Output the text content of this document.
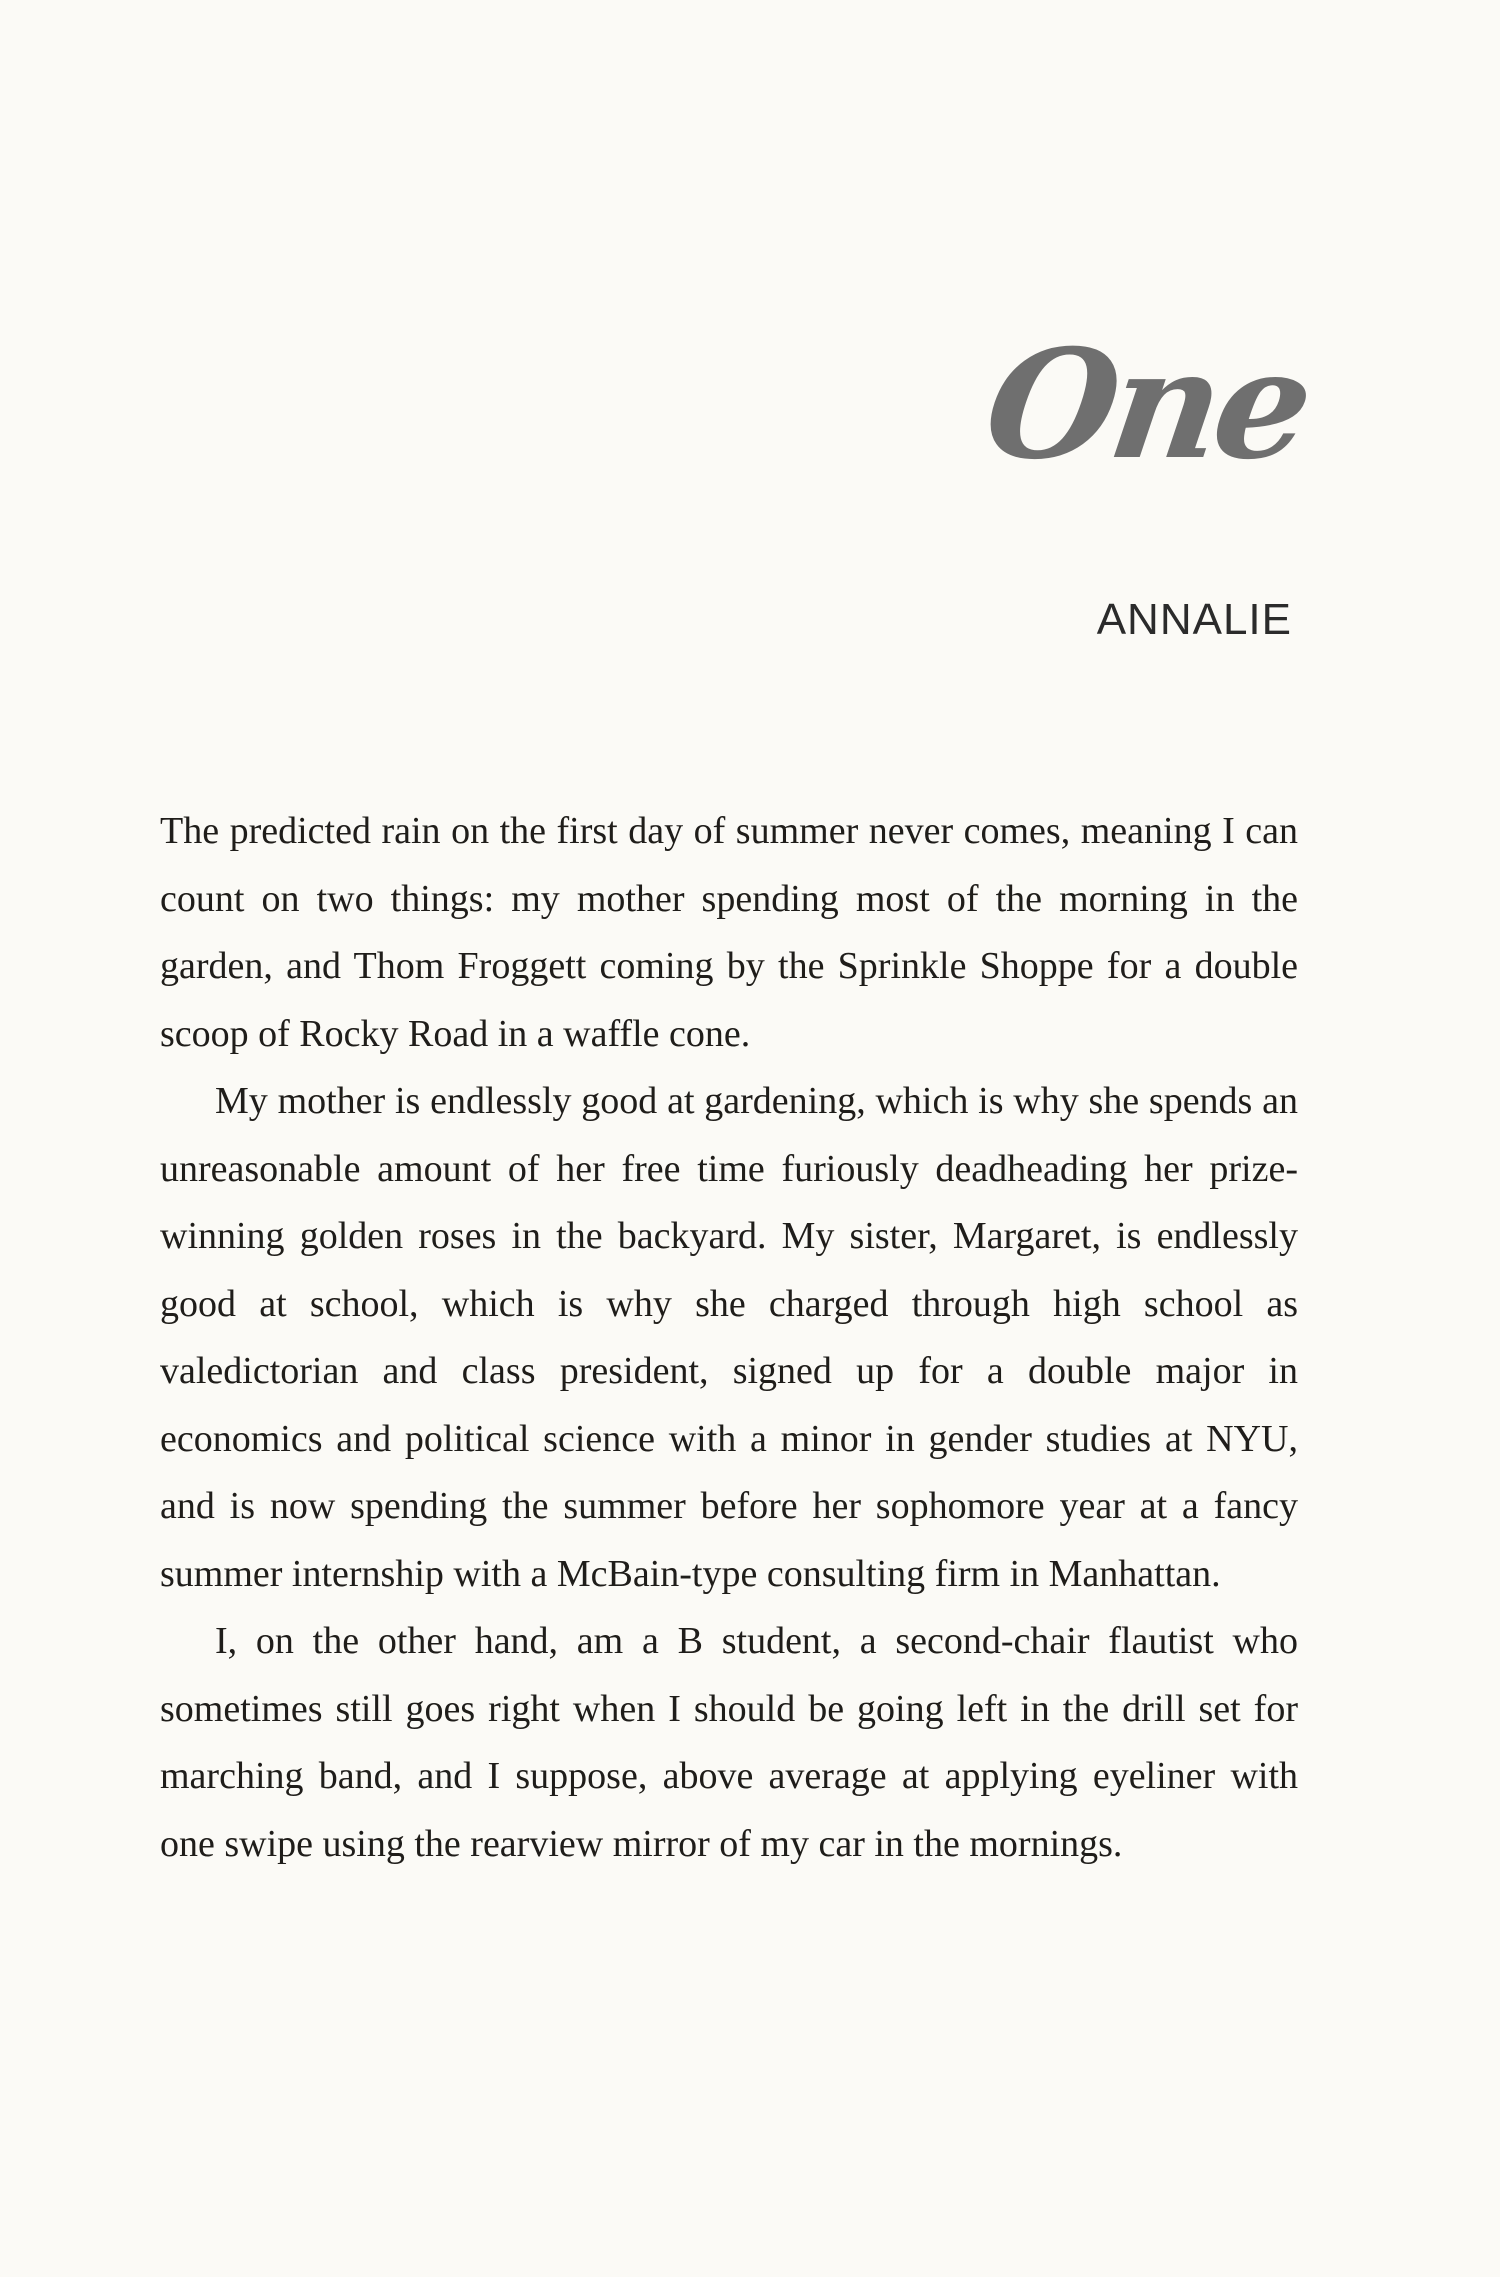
One
ANNALIE

The predicted rain on the first day of summer never comes, meaning I can count on two things: my mother spending most of the morning in the garden, and Thom Froggett coming by the Sprinkle Shoppe for a double scoop of Rocky Road in a waffle cone.

My mother is endlessly good at gardening, which is why she spends an unreasonable amount of her free time furiously deadheading her prize-winning golden roses in the backyard. My sister, Margaret, is endlessly good at school, which is why she charged through high school as valedictorian and class president, signed up for a double major in economics and political science with a minor in gender studies at NYU, and is now spending the summer before her sophomore year at a fancy summer internship with a McBain-type consulting firm in Manhattan.

I, on the other hand, am a B student, a second-chair flautist who sometimes still goes right when I should be going left in the drill set for marching band, and I suppose, above average at applying eyeliner with one swipe using the rearview mirror of my car in the mornings.
